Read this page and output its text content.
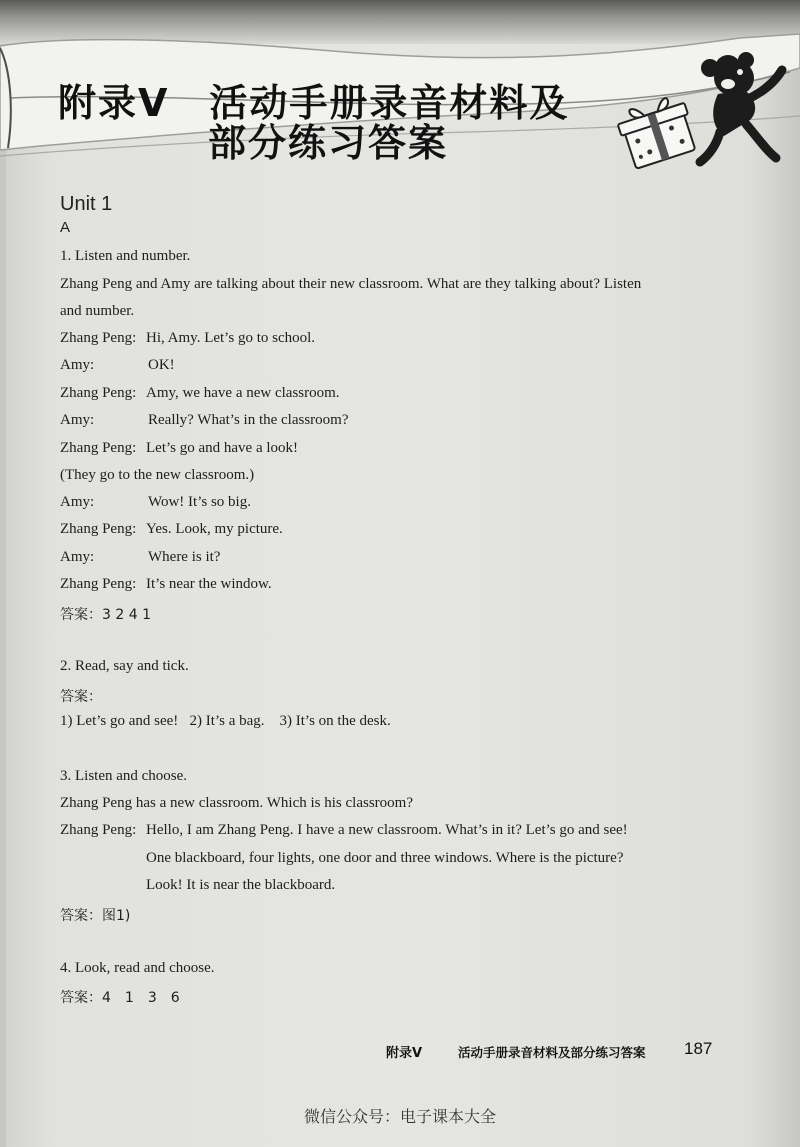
附录Ⅴ　活动手册录音材料及
部分练习答案
Unit 1
A
1. Listen and number.
Zhang Peng and Amy are talking about their new classroom. What are they talking about? Listen
and number.
Zhang Peng: Hi, Amy. Let’s go to school.
Amy:	OK!
Zhang Peng: Amy, we have a new classroom.
Amy:	Really? What’s in the classroom?
Zhang Peng: Let’s go and have a look!
(They go to the new classroom.)
Amy:	Wow! It’s so big.
Zhang Peng: Yes. Look, my picture.
Amy:	Where is it?
Zhang Peng: It’s near the window.
答案：3 2 4 1
2. Read, say and tick.
答案：
1) Let’s go and see!   2) It’s a bag.    3) It’s on the desk.
3. Listen and choose.
Zhang Peng has a new classroom. Which is his classroom?
Zhang Peng: Hello, I am Zhang Peng. I have a new classroom. What’s in it? Let’s go and see!
One blackboard, four lights, one door and three windows. Where is the picture?
Look! It is near the blackboard.
答案：图1)
4. Look, read and choose.
答案：4　1　3　6
附录Ⅴ	活动手册录音材料及部分练习答案 187
微信公众号：电子课本大全
